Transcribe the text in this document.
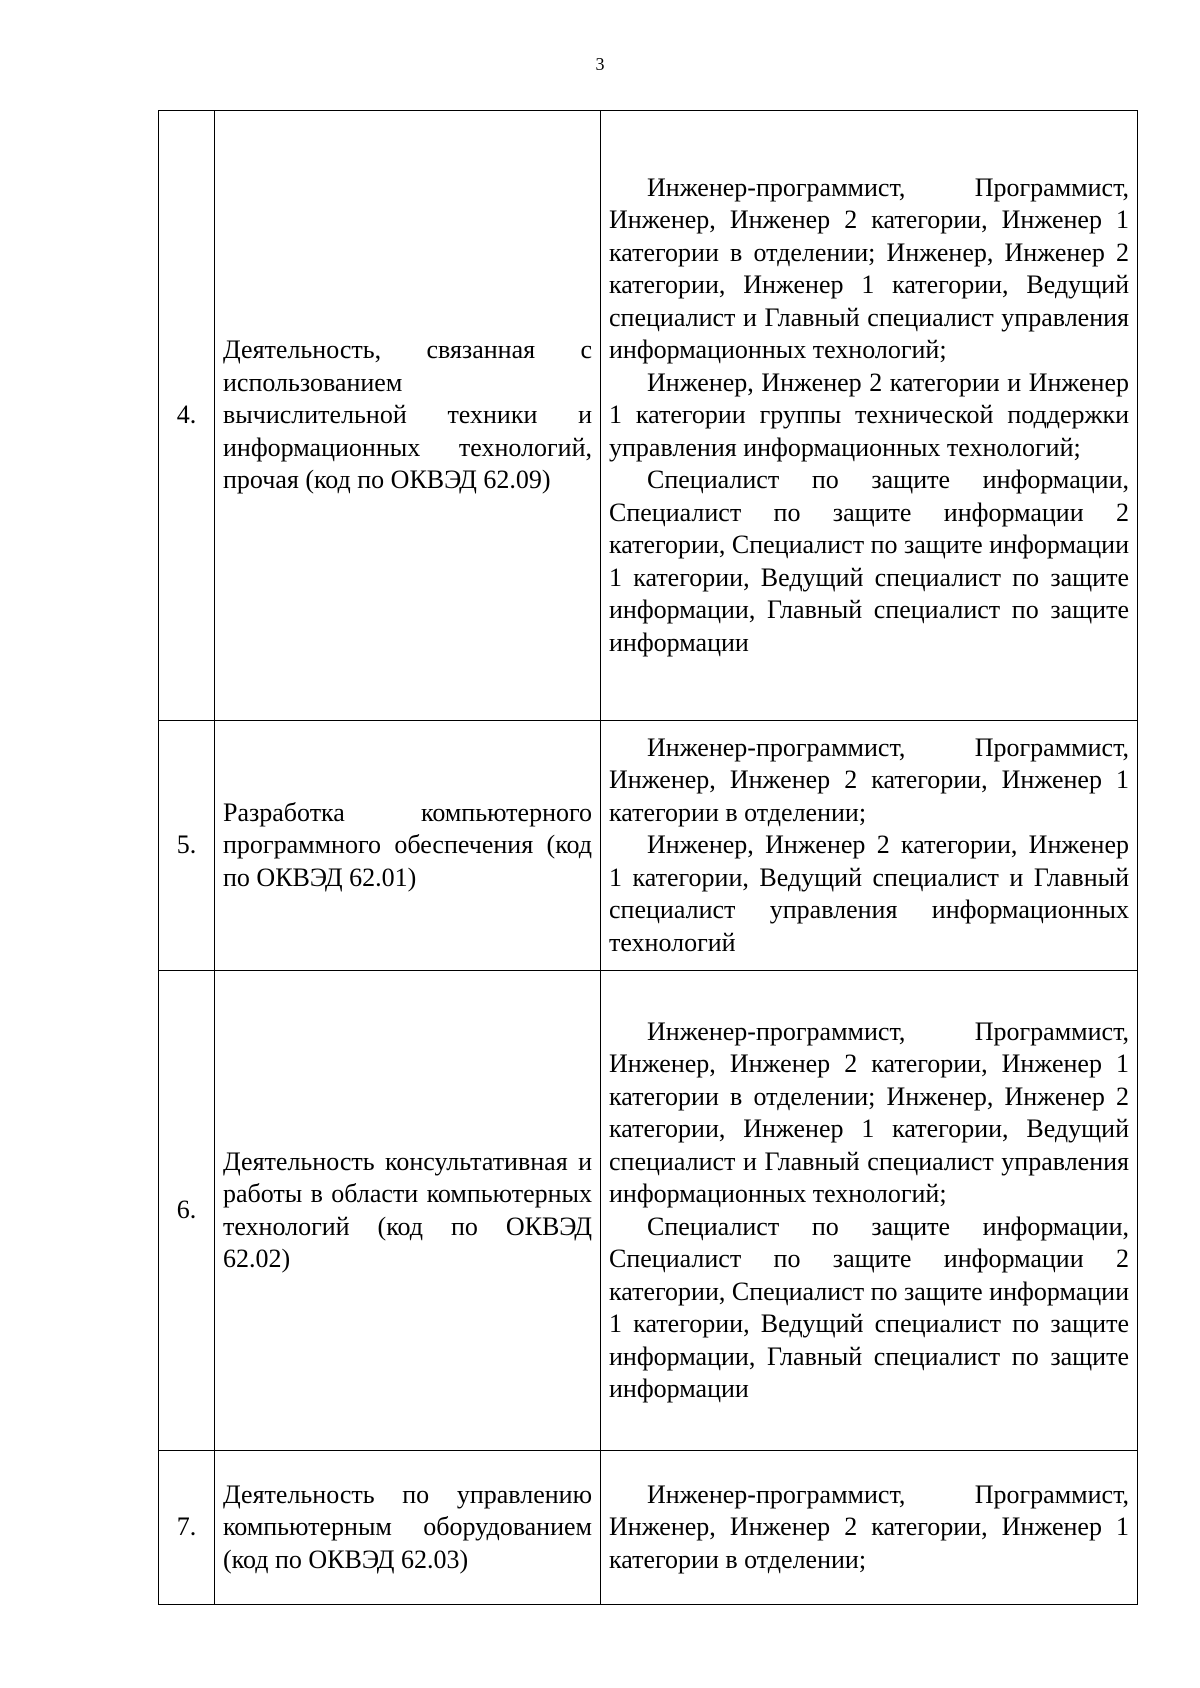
3
4.	Деятельность, связанная с использованием вычислительной техники и информационных технологий, прочая (код по ОКВЭД 62.09)	Инженер-программист, Программист, Инженер, Инженер 2 категории, Инженер 1 категории в отделении; Инженер, Инженер 2 категории, Инженер 1 категории, Ведущий специалист и Главный специалист управления информационных технологий;

Инженер, Инженер 2 категории и Инженер 1 категории группы технической поддержки управления информационных технологий;

Специалист по защите информации, Специалист по защите информации 2 категории, Специалист по защите информации 1 категории, Ведущий специалист по защите информации, Главный специалист по защите информации

5.	Разработка компьютерного программного обеспечения (код по ОКВЭД 62.01)	Инженер-программист, Программист, Инженер, Инженер 2 категории, Инженер 1 категории в отделении;

Инженер, Инженер 2 категории, Инженер 1 категории, Ведущий специалист и Главный специалист управления информационных технологий

6.	Деятельность консультативная и работы в области компьютерных технологий (код по ОКВЭД 62.02)	Инженер-программист, Программист, Инженер, Инженер 2 категории, Инженер 1 категории в отделении; Инженер, Инженер 2 категории, Инженер 1 категории, Ведущий специалист и Главный специалист управления информационных технологий;

Специалист по защите информации, Специалист по защите информации 2 категории, Специалист по защите информации 1 категории, Ведущий специалист по защите информации, Главный специалист по защите информации

7.	Деятельность по управлению компьютерным оборудованием (код по ОКВЭД 62.03)	Инженер-программист, Программист, Инженер, Инженер 2 категории, Инженер 1 категории в отделении;
